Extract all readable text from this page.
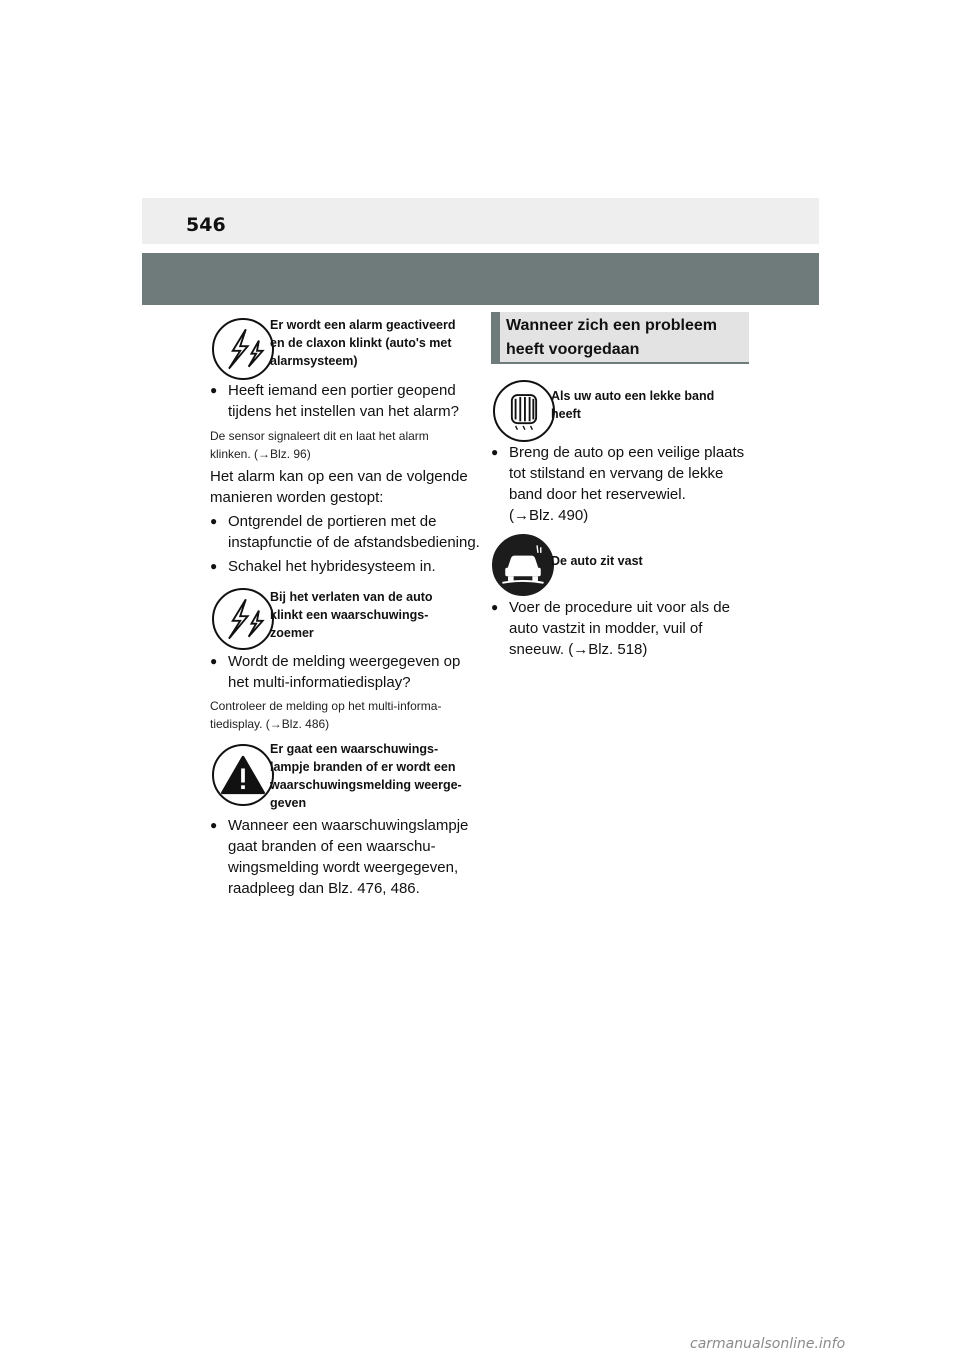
546
Er wordt een alarm geactiveerd
en de claxon klinkt (auto's met
alarmsysteem)
● Heeft iemand een portier geopend
tijdens het instellen van het alarm?
De sensor signaleert dit en laat het alarm
klinken. (→Blz. 96)
Het alarm kan op een van de volgende
manieren worden gestopt:
● Ontgrendel de portieren met de
instapfunctie of de afstandsbediening.
● Schakel het hybridesysteem in.
Bij het verlaten van de auto
klinkt een waarschuwings-
zoemer
● Wordt de melding weergegeven op
het multi-informatiedisplay?
Controleer de melding op het multi-informa-
tiedisplay. (→Blz. 486)
Er gaat een waarschuwings-
lampje branden of er wordt een
waarschuwingsmelding weerge-
geven
● Wanneer een waarschuwingslampje
gaat branden of een waarschu-
wingsmelding wordt weergegeven,
raadpleeg dan Blz. 476, 486.
Wanneer zich een probleem
heeft voorgedaan
Als uw auto een lekke band
heeft
● Breng de auto op een veilige plaats
tot stilstand en vervang de lekke
band door het reservewiel.
(→Blz. 490)
De auto zit vast
● Voer de procedure uit voor als de
auto vastzit in modder, vuil of
sneeuw. (→Blz. 518)
carmanualsonline.info
